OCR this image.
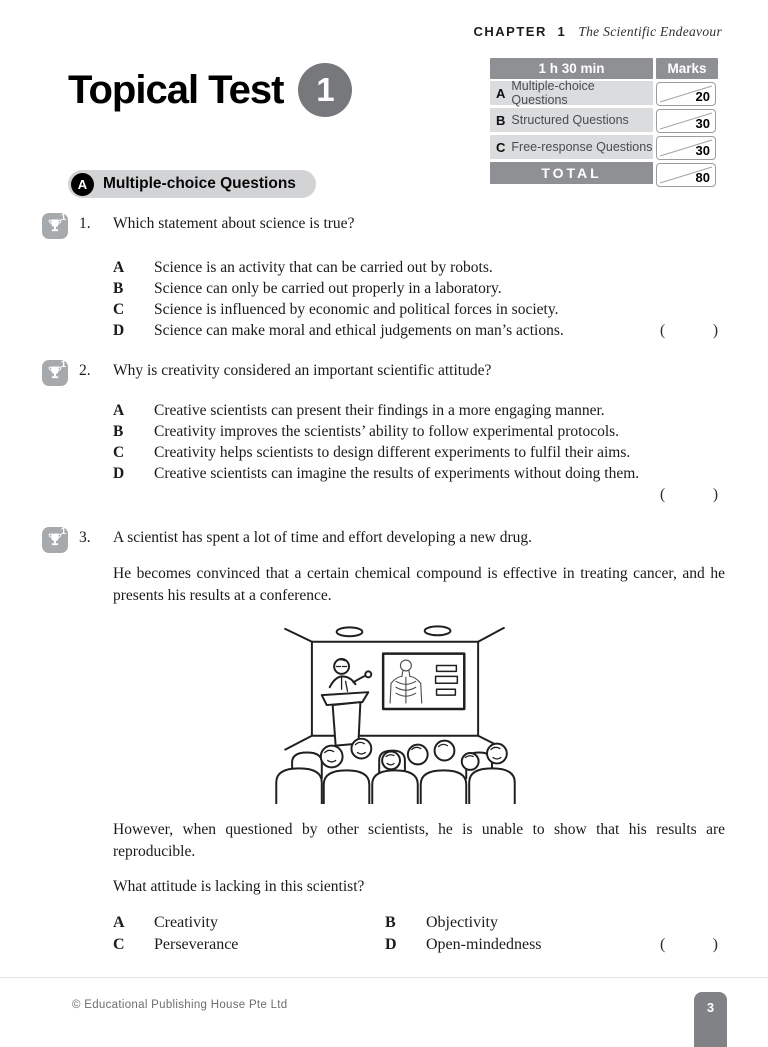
CHAPTER 1 The Scientific Endeavour
Topical Test 1
1 h 30 min	Marks
A Multiple-choice Questions	20
B Structured Questions	30
C Free-response Questions	30
TOTAL	80
A	Multiple-choice Questions
1 1. Which statement about science is true?
A	Science is an activity that can be carried out by robots.
B	Science can only be carried out properly in a laboratory.
C	Science is influenced by economic and political forces in society.
D	Science can make moral and ethical judgements on man’s actions.	(	)
1 2. Why is creativity considered an important scientific attitude?
A	Creative scientists can present their findings in a more engaging manner.
B	Creativity improves the scientists’ ability to follow experimental protocols.
C	Creativity helps scientists to design different experiments to fulfil their aims.
D	Creative scientists can imagine the results of experiments without doing them.
(	)
1 3. A scientist has spent a lot of time and effort developing a new drug.
He becomes convinced that a certain chemical compound is effective in treating cancer, and he presents his results at a conference.
However, when questioned by other scientists, he is unable to show that his results are reproducible.
What attitude is lacking in this scientist?
A	Creativity	B	Objectivity
C	Perseverance	D	Open-mindedness	(	)
© Educational Publishing House Pte Ltd	3
